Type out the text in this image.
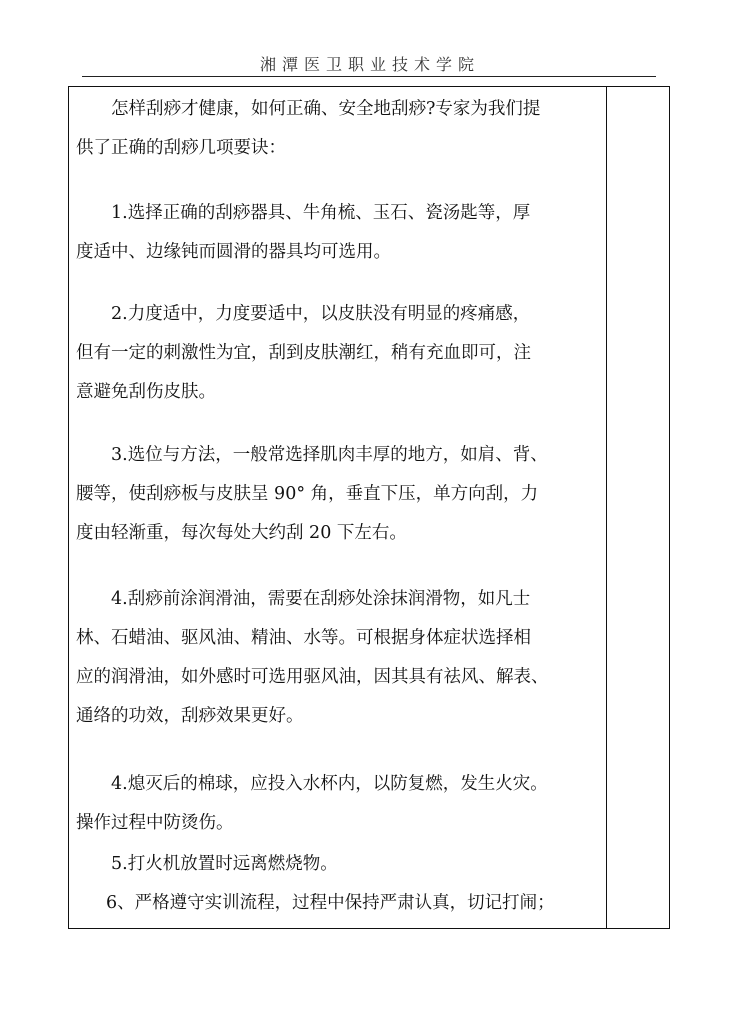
湘潭医卫职业技术学院
怎样刮痧才健康，如何正确、安全地刮痧?专家为我们提
供了正确的刮痧几项要诀：
1.选择正确的刮痧器具、牛角梳、玉石、瓷汤匙等，厚
度适中、边缘钝而圆滑的器具均可选用。
2.力度适中，力度要适中，以皮肤没有明显的疼痛感，
但有一定的刺激性为宜，刮到皮肤潮红，稍有充血即可，注
意避免刮伤皮肤。
3.选位与方法，一般常选择肌肉丰厚的地方，如肩、背、
腰等，使刮痧板与皮肤呈 90° 角，垂直下压，单方向刮，力
度由轻渐重，每次每处大约刮 20 下左右。
4.刮痧前涂润滑油，需要在刮痧处涂抹润滑物，如凡士
林、石蜡油、驱风油、精油、水等。可根据身体症状选择相
应的润滑油，如外感时可选用驱风油，因其具有祛风、解表、
通络的功效，刮痧效果更好。
4.熄灭后的棉球，应投入水杯内，以防复燃，发生火灾。
操作过程中防烫伤。
5.打火机放置时远离燃烧物。
6、严格遵守实训流程，过程中保持严肃认真，切记打闹；
